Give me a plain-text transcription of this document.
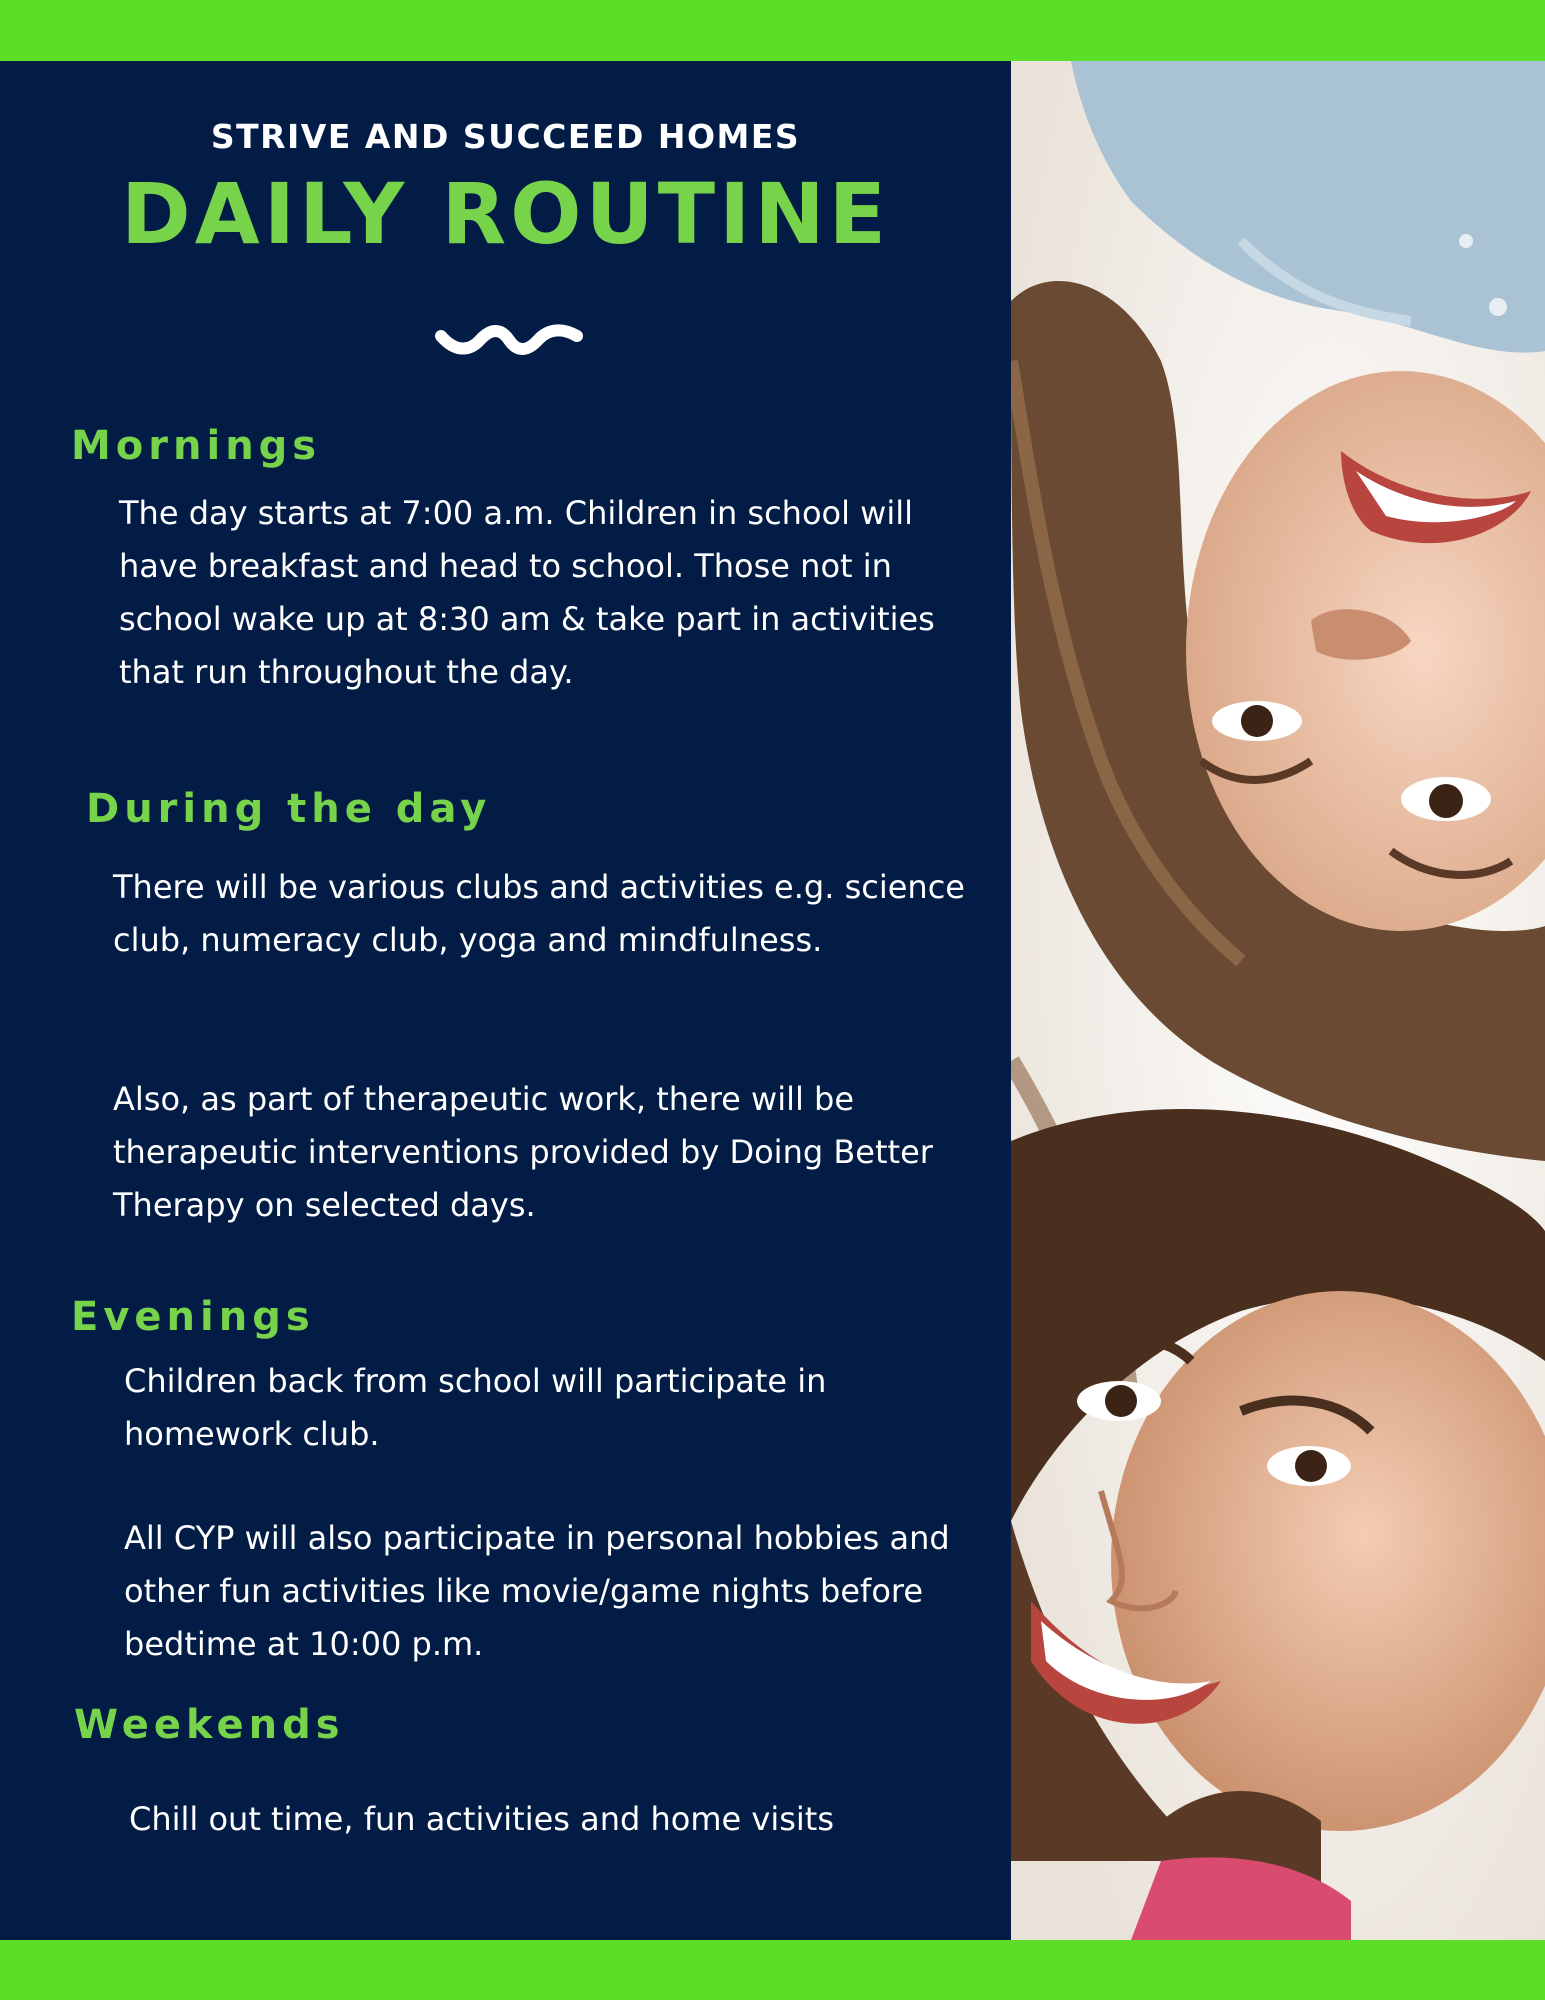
STRIVE AND SUCCEED HOMES
DAILY ROUTINE
Mornings
The day starts at 7:00 a.m. Children in school will have breakfast and head to school. Those not in school wake up at 8:30 am & take part in activities that run throughout the day.
During the day
There will be various clubs and activities e.g. science club, numeracy club, yoga and mindfulness.
Also, as part of therapeutic work, there will be therapeutic interventions provided by Doing Better Therapy on selected days.
Evenings
Children back from school will participate in homework club.
All CYP will also participate in personal hobbies and other fun activities like movie/game nights before bedtime at 10:00 p.m.
Weekends
Chill out time, fun activities and home visits
